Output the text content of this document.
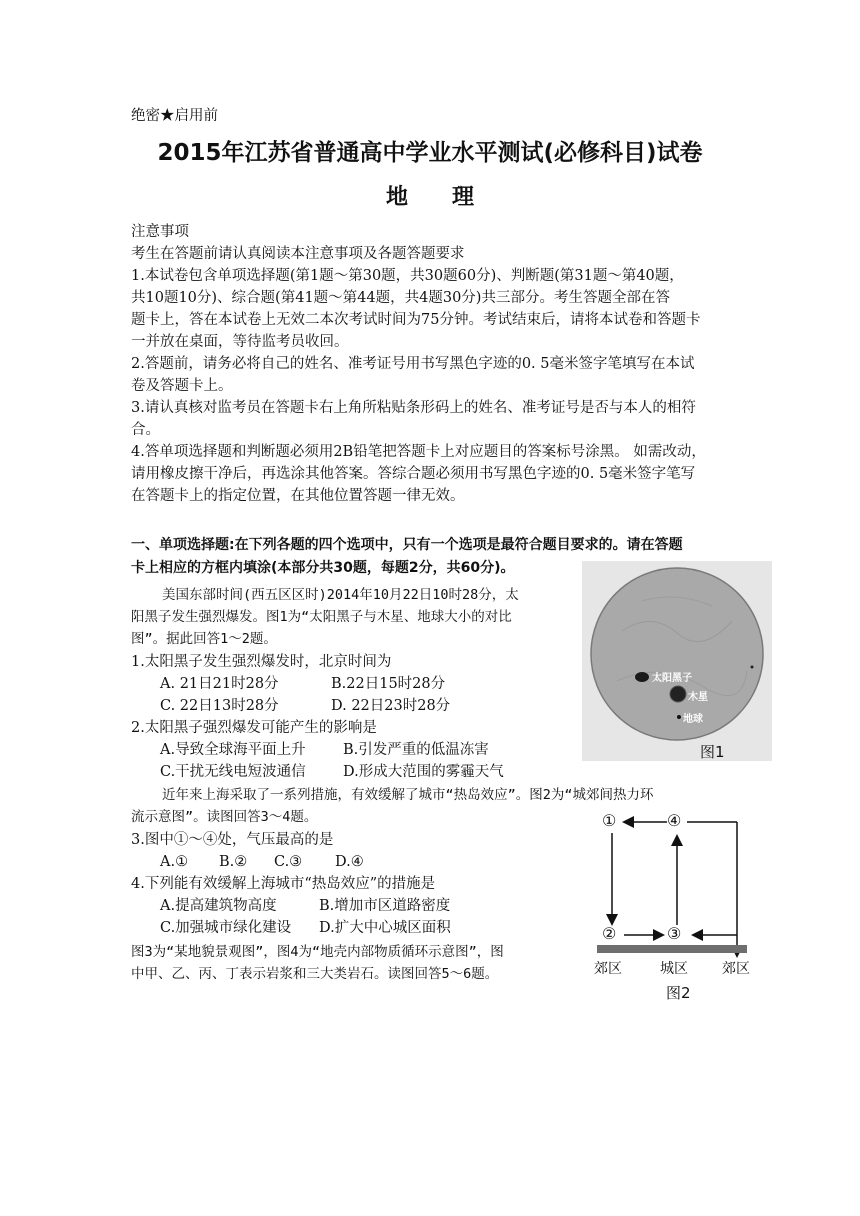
绝密★启用前
2015年江苏省普通高中学业水平测试(必修科目)试卷
地　　理
注意事项
考生在答题前请认真阅读本注意事项及各题答题要求
1.本试卷包含单项选择题(第1题～第30题，共30题60分)、判断题(第31题～第40题，
共10题10分)、综合题(第41题～第44题，共4题30分)共三部分。考生答题全部在答
题卡上，答在本试卷上无效二本次考试时间为75分钟。考试结束后，请将本试卷和答题卡
一并放在桌面，等待监考员收回。
2.答题前，请务必将自己的姓名、准考证号用书写黑色字迹的0. 5毫米签字笔填写在本试
卷及答题卡上。
3.请认真核对监考员在答题卡右上角所粘贴条形码上的姓名、准考证号是否与本人的相符
合。
4.答单项选择题和判断题必须用2B铅笔把答题卡上对应题目的答案标号涂黑。 如需改动，
请用橡皮擦干净后，再选涂其他答案。答综合题必须用书写黑色字迹的0. 5毫米签字笔写
在答题卡上的指定位置，在其他位置答题一律无效。
一、单项选择题:在下列各题的四个选项中，只有一个选项是最符合题目要求的。请在答题
卡上相应的方框内填涂(本部分共30题，每题2分，共60分)。
美国东部时间(西五区区时)2014年10月22日10时28分，太
阳黑子发生强烈爆发。图1为“太阳黑子与木星、地球大小的对比
图”。据此回答1～2题。
1.太阳黑子发生强烈爆发时，北京时间为
A. 21日21时28分	B.22日15时28分
C. 22日13时28分	D. 22日23时28分
2.太阳黑子强烈爆发可能产生的影响是
A.导致全球海平面上升	B.引发严重的低温冻害
C.干扰无线电短波通信	D.形成大范围的雾霾天气
近年来上海采取了一系列措施，有效缓解了城市“热岛效应”。图2为“城郊间热力环
流示意图”。读图回答3～4题。
3.图中①～④处，气压最高的是
A.① B.② C.③ D.④
4.下列能有效缓解上海城市“热岛效应”的措施是
A.提高建筑物高度	B.增加市区道路密度
C.加强城市绿化建设 D.扩大中心城区面积
图3为“某地貌景观图”，图4为“地壳内部物质循环示意图”，图
中甲、乙、丙、丁表示岩浆和三大类岩石。读图回答5～6题。
太阳黑子
木星
地球
图1
①	④
②	③
郊区	城区 郊区
图2
